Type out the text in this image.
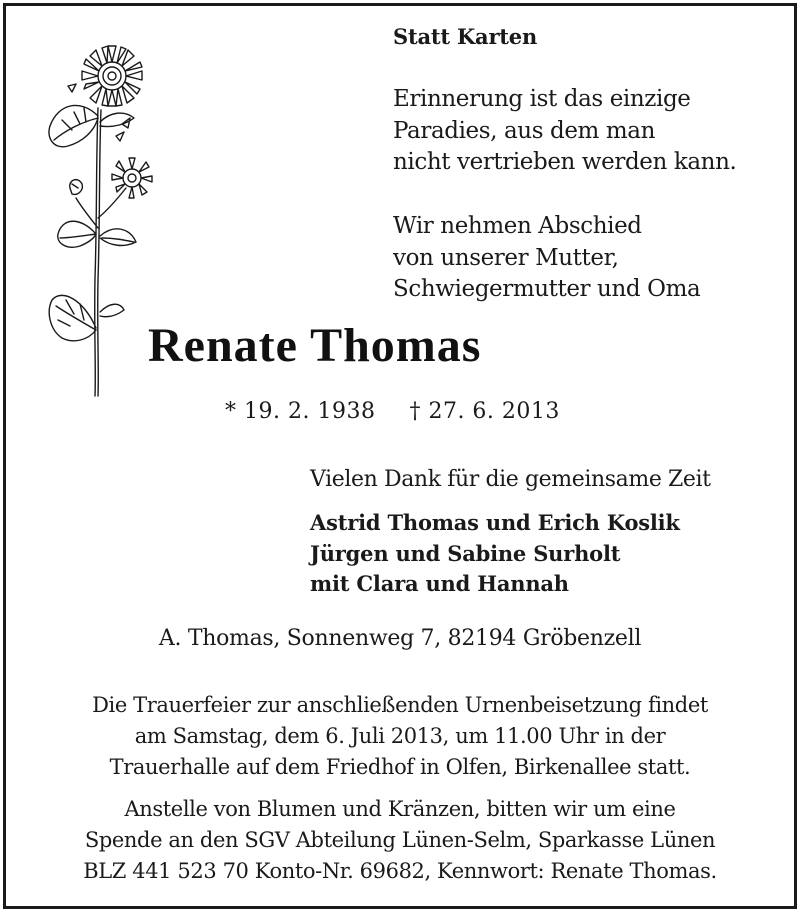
Statt Karten
Erinnerung ist das einzige
Paradies, aus dem man
nicht vertrieben werden kann.
Wir nehmen Abschied
von unserer Mutter,
Schwiegermutter und Oma
Renate Thomas
* 19. 2. 1938 † 27. 6. 2013
Vielen Dank für die gemeinsame Zeit
Astrid Thomas und Erich Koslik
Jürgen und Sabine Surholt
mit Clara und Hannah
A. Thomas, Sonnenweg 7, 82194 Gröbenzell
Die Trauerfeier zur anschließenden Urnenbeisetzung findet
am Samstag, dem 6. Juli 2013, um 11.00 Uhr in der
Trauerhalle auf dem Friedhof in Olfen, Birkenallee statt.
Anstelle von Blumen und Kränzen, bitten wir um eine
Spende an den SGV Abteilung Lünen-Selm, Sparkasse Lünen
BLZ 441 523 70 Konto-Nr. 69682, Kennwort: Renate Thomas.
